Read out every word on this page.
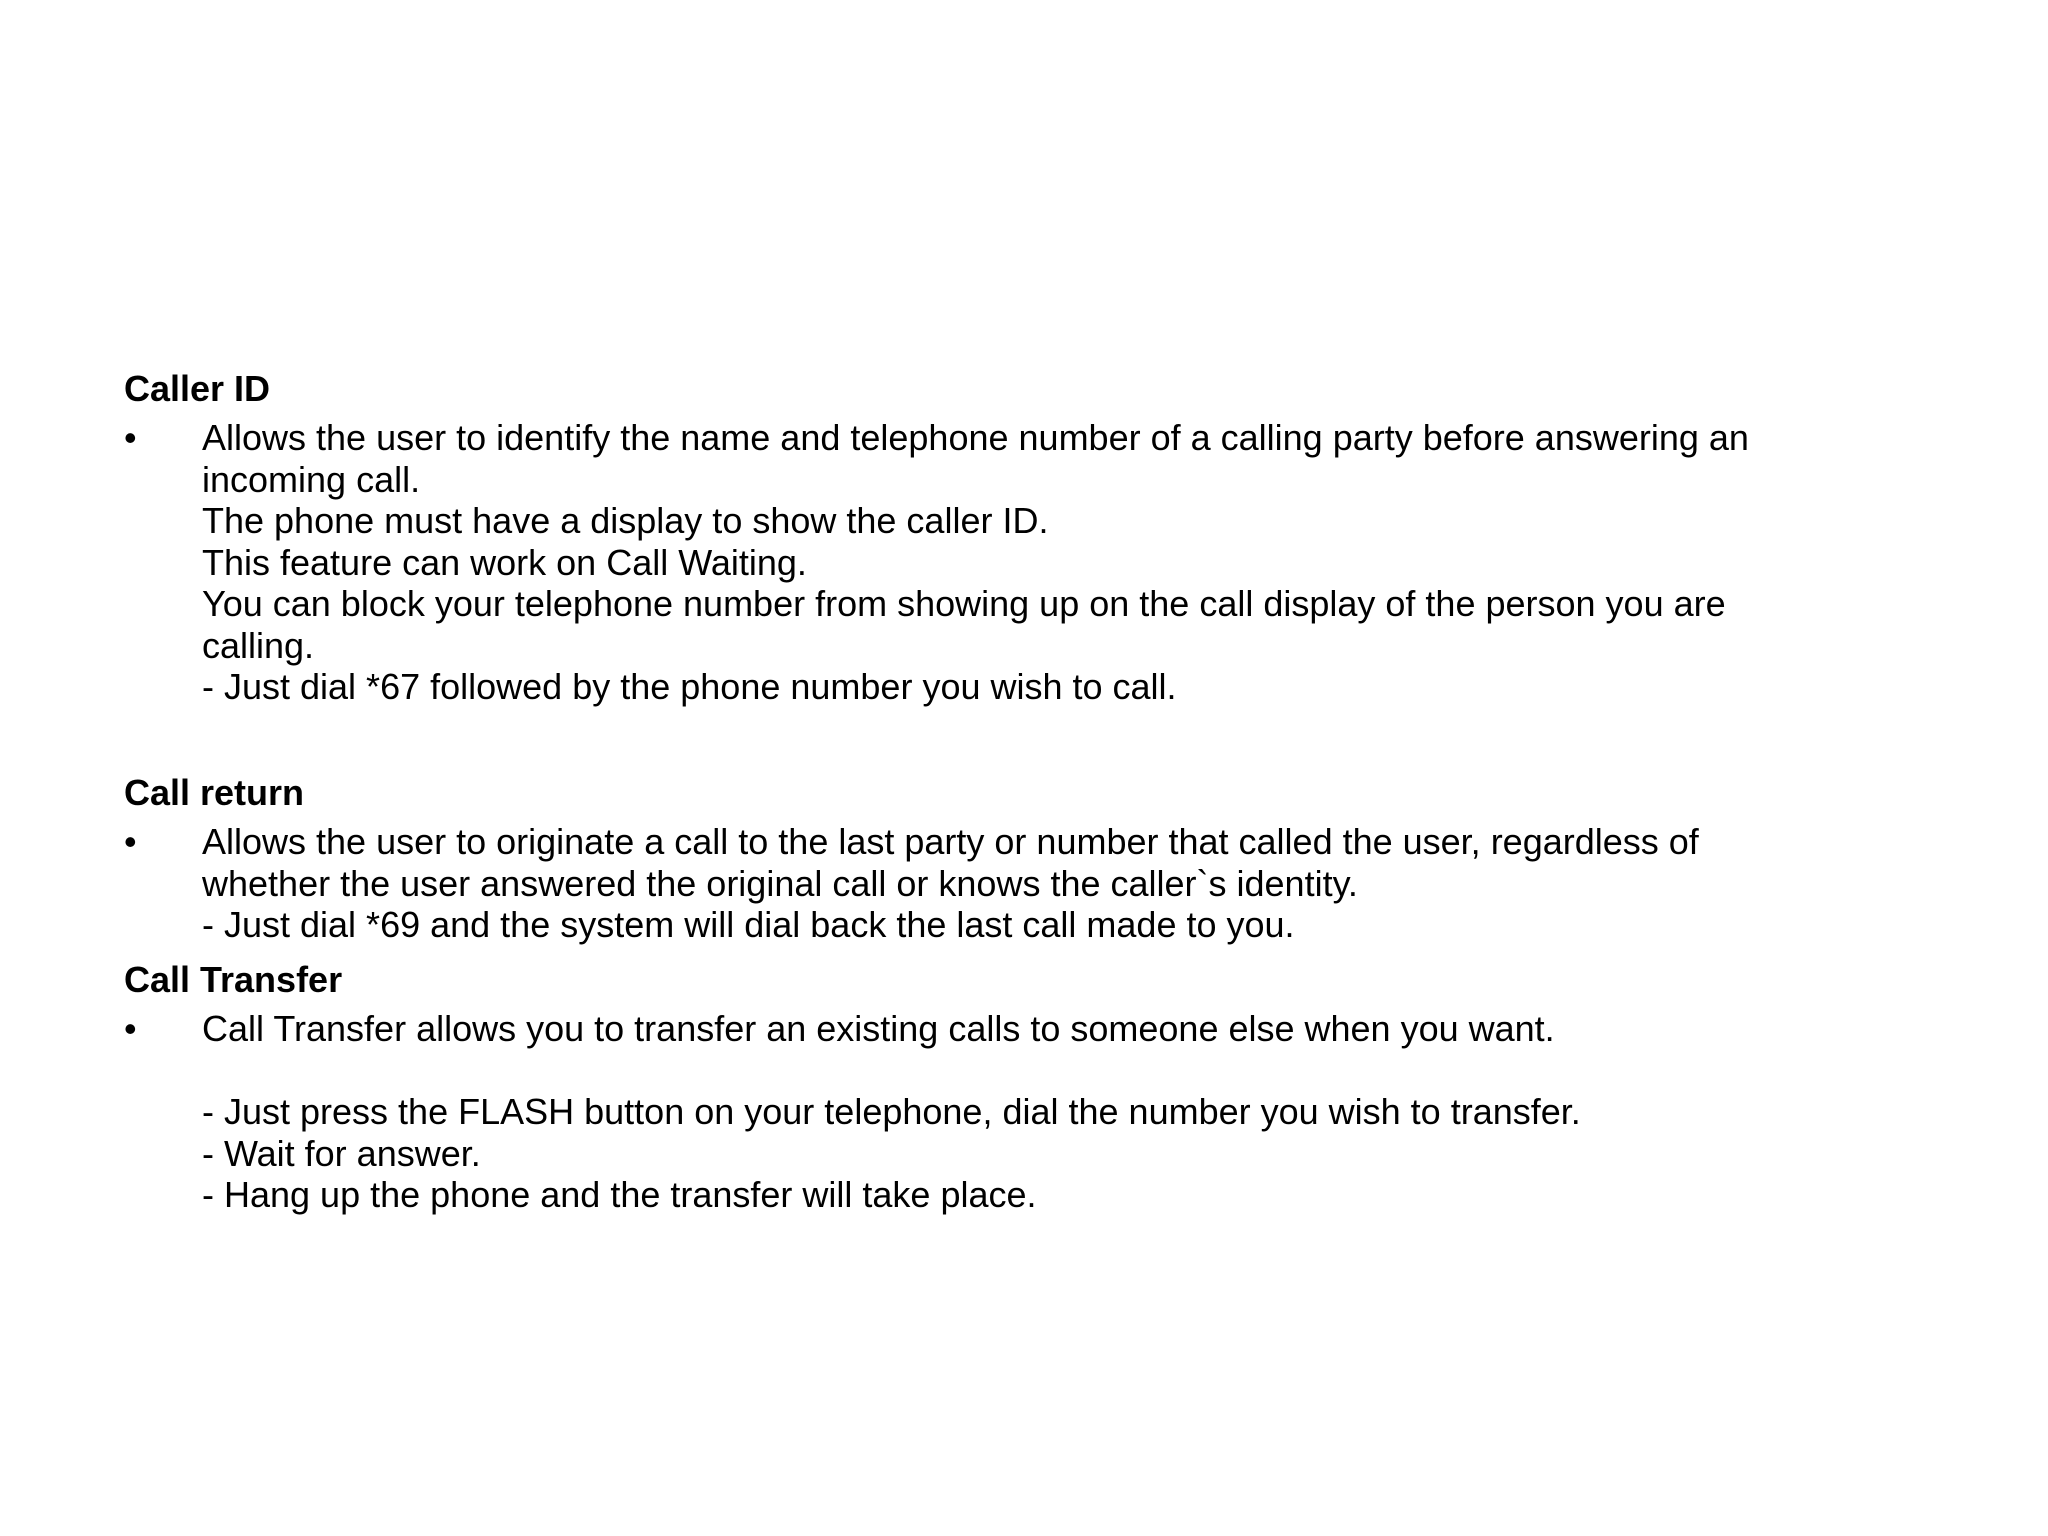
Caller ID
•	Allows the user to identify the name and telephone number of a calling party before answering an
incoming call.
The phone must have a display to show the caller ID.
This feature can work on Call Waiting.
You can block your telephone number from showing up on the call display of the person you are
calling.
- Just dial *67 followed by the phone number you wish to call.
Call return
•	Allows the user to originate a call to the last party or number that called the user, regardless of
whether the user answered the original call or knows the caller`s identity.
- Just dial *69 and the system will dial back the last call made to you.
Call Transfer
•	Call Transfer allows you to transfer an existing calls to someone else when you want.
- Just press the FLASH button on your telephone, dial the number you wish to transfer.
- Wait for answer.
- Hang up the phone and the transfer will take place.
